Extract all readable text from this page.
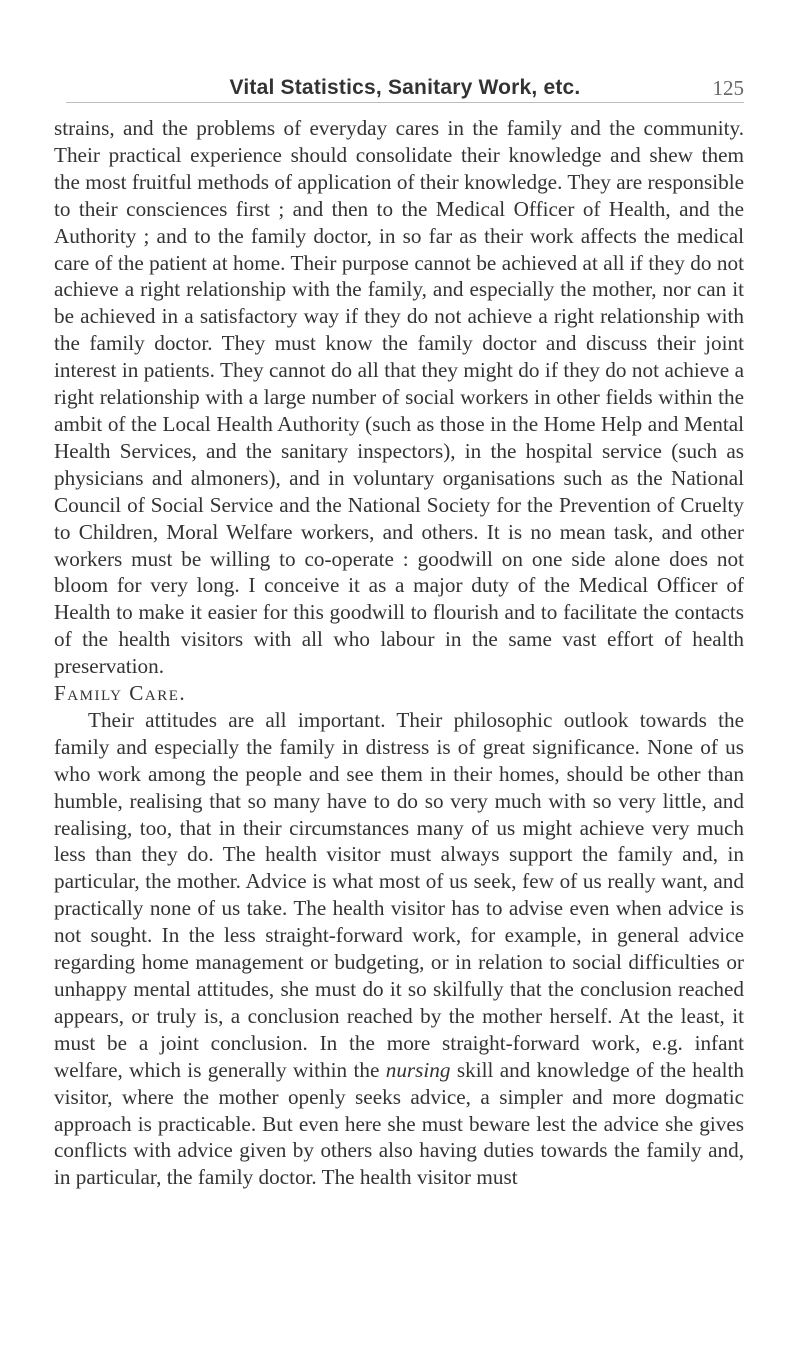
Vital Statistics, Sanitary Work, etc.	125

strains, and the problems of everyday cares in the family and the community. Their practical experience should consolidate their knowledge and shew them the most fruitful methods of application of their knowledge. They are responsible to their consciences first ; and then to the Medical Officer of Health, and the Authority ; and to the family doctor, in so far as their work affects the medical care of the patient at home. Their purpose cannot be achieved at all if they do not achieve a right relationship with the family, and especially the mother, nor can it be achieved in a satisfactory way if they do not achieve a right relationship with the family doctor. They must know the family doctor and discuss their joint interest in patients. They cannot do all that they might do if they do not achieve a right relationship with a large number of social workers in other fields within the ambit of the Local Health Authority (such as those in the Home Help and Mental Health Services, and the sanitary inspectors), in the hospital service (such as physicians and almoners), and in voluntary organisations such as the National Council of Social Service and the National Society for the Prevention of Cruelty to Children, Moral Welfare workers, and others. It is no mean task, and other workers must be willing to co-operate : goodwill on one side alone does not bloom for very long. I conceive it as a major duty of the Medical Officer of Health to make it easier for this goodwill to flourish and to facilitate the contacts of the health visitors with all who labour in the same vast effort of health preservation.

Family Care.

Their attitudes are all important. Their philosophic outlook towards the family and especially the family in distress is of great significance. None of us who work among the people and see them in their homes, should be other than humble, realising that so many have to do so very much with so very little, and realising, too, that in their circumstances many of us might achieve very much less than they do. The health visitor must always support the family and, in particular, the mother. Advice is what most of us seek, few of us really want, and practically none of us take. The health visitor has to advise even when advice is not sought. In the less straight-forward work, for example, in general advice regarding home management or budgeting, or in relation to social difficulties or unhappy mental attitudes, she must do it so skilfully that the conclusion reached appears, or truly is, a conclusion reached by the mother herself. At the least, it must be a joint conclusion. In the more straight-forward work, e.g. infant welfare, which is generally within the nursing skill and knowledge of the health visitor, where the mother openly seeks advice, a simpler and more dogmatic approach is practicable. But even here she must beware lest the advice she gives conflicts with advice given by others also having duties towards the family and, in particular, the family doctor. The health visitor must
